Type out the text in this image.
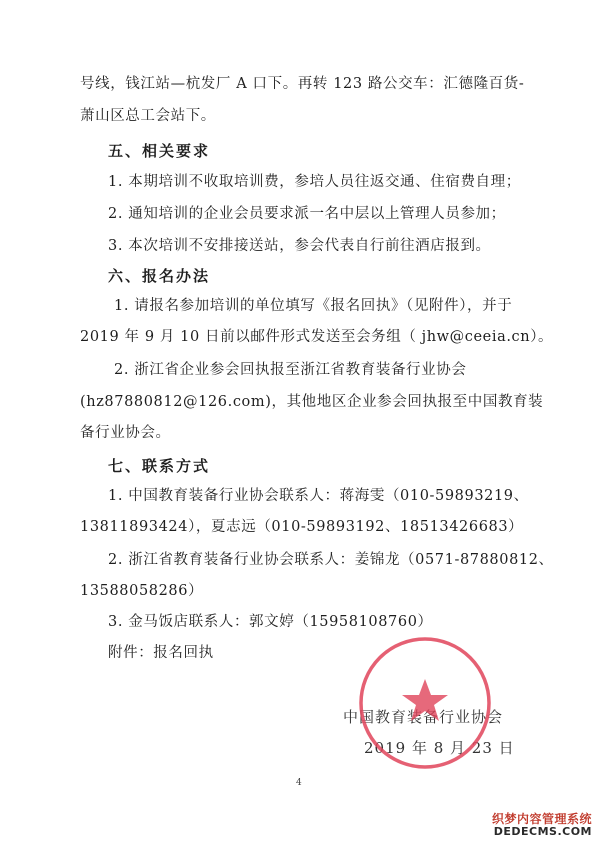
号线，钱江站—杭发厂 A 口下。再转 123 路公交车：汇德隆百货-
萧山区总工会站下。
五、相关要求
1. 本期培训不收取培训费，参培人员往返交通、住宿费自理；
2. 通知培训的企业会员要求派一名中层以上管理人员参加；
3. 本次培训不安排接送站，参会代表自行前往酒店报到。
六、报名办法
1. 请报名参加培训的单位填写《报名回执》（见附件），并于
2019 年 9 月 10 日前以邮件形式发送至会务组（ jhw@ceeia.cn）。
2. 浙江省企业参会回执报至浙江省教育装备行业协会
(hz87880812@126.com)，其他地区企业参会回执报至中国教育装
备行业协会。
七、联系方式
1. 中国教育装备行业协会联系人：蒋海雯（010-59893219、
13811893424），夏志远（010-59893192、18513426683）
2. 浙江省教育装备行业协会联系人：姜锦龙（0571-87880812、
13588058286）
3. 金马饭店联系人：郭文婷（15958108760）
附件：报名回执
中国教育装备行业协会
2019 年 8 月 23 日
4
织梦内容管理系统
DEDECMS.COM
